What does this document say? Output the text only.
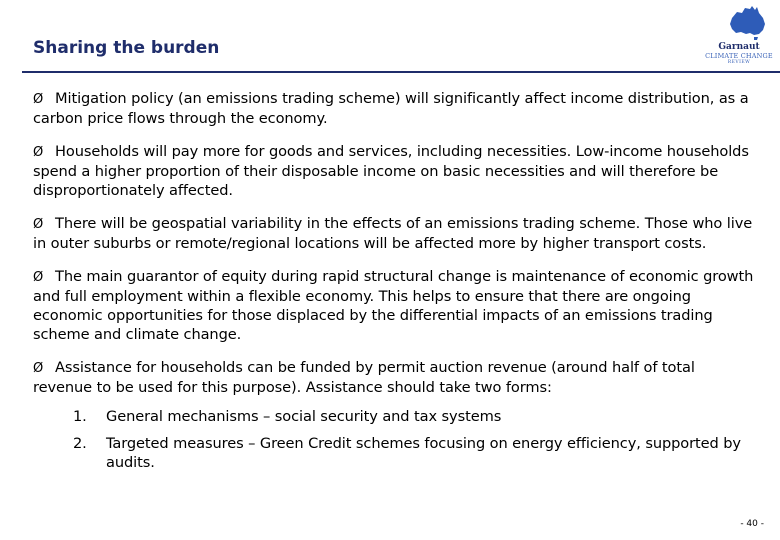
Sharing the burden	Garnaut
CLIMATE CHANGE
REVIEW

Ø Mitigation policy (an emissions trading scheme) will significantly affect income distribution, as a carbon price flows through the economy.

Ø Households will pay more for goods and services, including necessities. Low-income households spend a higher proportion of their disposable income on basic necessities and will therefore be disproportionately affected.

Ø There will be geospatial variability in the effects of an emissions trading scheme. Those who live in outer suburbs or remote/regional locations will be affected more by higher transport costs.

Ø The main guarantor of equity during rapid structural change is maintenance of economic growth and full employment within a flexible economy. This helps to ensure that there are ongoing economic opportunities for those displaced by the differential impacts of an emissions trading scheme and climate change.

Ø Assistance for households can be funded by permit auction revenue (around half of total revenue to be used for this purpose). Assistance should take two forms:

1. General mechanisms – social security and tax systems
2. Targeted measures – Green Credit schemes focusing on energy efficiency, supported by audits.
- 40 -
